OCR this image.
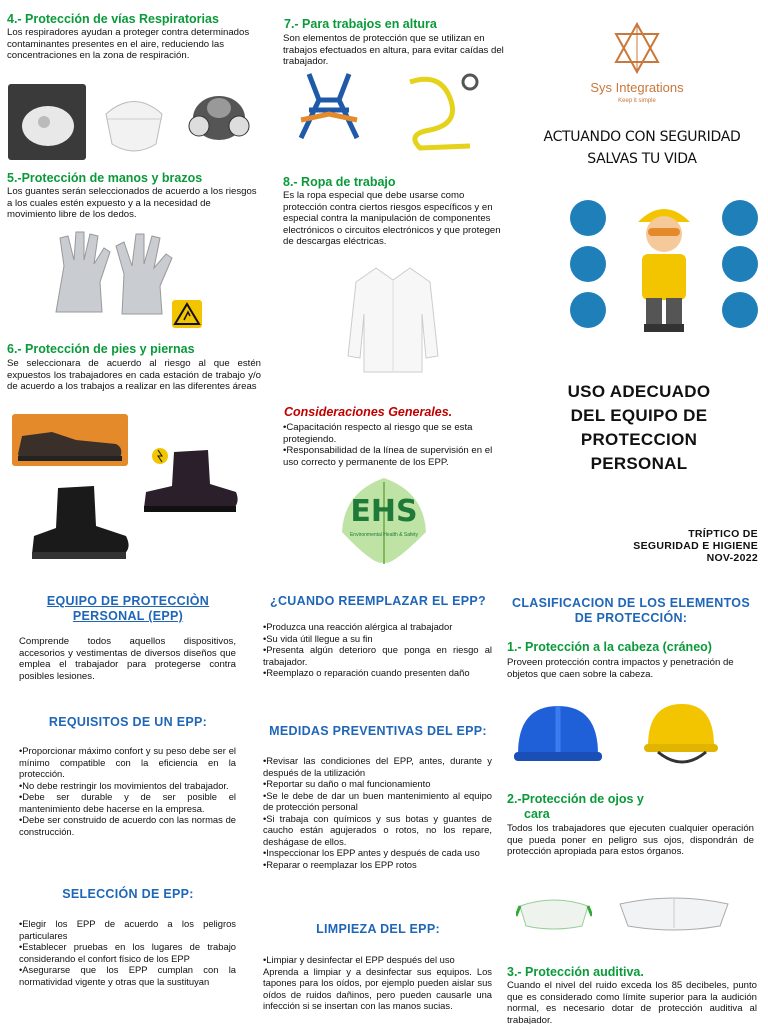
4.- Protección de vías Respiratorias
Los respiradores ayudan a proteger contra determinados contaminantes presentes en el aire, reduciendo las concentraciones en la zona de respiración.
5.-Protección de manos y brazos
Los guantes serán seleccionados de acuerdo a los riesgos a los cuales estén expuesto y a la necesidad de movimiento libre de los dedos.
6.- Protección de pies y piernas
Se seleccionara de acuerdo al riesgo al que estén expuestos los trabajadores en cada estación de trabajo y/o de acuerdo a los trabajos a realizar en las diferentes áreas
7.- Para trabajos en altura
Son elementos de protección que se utilizan en trabajos efectuados en altura, para evitar caídas del trabajador.
8.- Ropa de trabajo
Es la ropa especial que debe usarse como protección contra ciertos riesgos específicos y en especial contra la manipulación de componentes electrónicos o circuitos electrónicos y que protegen de descargas eléctricas.
Consideraciones Generales.
•Capacitación respecto al riesgo que se esta protegiendo.
•Responsabilidad de la línea de supervisión en el uso correcto y permanente de los EPP.
EHS
Environmental Health & Safety
Sys Integrations
Keep it simple
ACTUANDO CON SEGURIDAD
SALVAS TU VIDA
USO ADECUADO
DEL EQUIPO DE
PROTECCION
PERSONAL
TRÍPTICO DE
SEGURIDAD E HIGIENE
NOV-2022
EQUIPO DE PROTECCIÒN
PERSONAL (EPP)
Comprende todos aquellos dispositivos, accesorios y vestimentas de diversos diseños que emplea el trabajador para protegerse contra posibles lesiones.
REQUISITOS DE UN EPP:
•Proporcionar máximo confort y su peso debe ser el mínimo compatible con la eficiencia en la protección.
•No debe restringir los movimientos del trabajador.
•Debe ser durable y de ser posible el mantenimiento debe hacerse en la empresa.
•Debe ser construido de acuerdo con las normas de construcción.
SELECCIÓN DE EPP:
•Elegir los EPP de acuerdo a los peligros particulares
•Establecer pruebas en los lugares de trabajo considerando el confort físico de los EPP
•Asegurarse que los EPP cumplan con la normatividad vigente y otras que la sustituyan
¿CUANDO REEMPLAZAR EL EPP?
•Produzca una reacción alérgica al trabajador
•Su vida útil llegue a su fin
•Presenta algún deterioro que ponga en riesgo al trabajador.
•Reemplazo o reparación cuando presenten daño
MEDIDAS PREVENTIVAS DEL EPP:
•Revisar las condiciones del EPP, antes, durante y después de la utilización
•Reportar su daño o mal funcionamiento
•Se le debe de dar un buen mantenimiento al equipo de protección personal
•Si trabaja con químicos y sus botas y guantes de caucho están agujerados o rotos, no los repare, deshágase de ellos.
•Inspeccionar los EPP antes y después de cada uso
•Reparar o reemplazar los EPP rotos
LIMPIEZA DEL EPP:
•Limpiar y desinfectar el EPP después del uso
Aprenda a limpiar y a desinfectar sus equipos. Los tapones para los oídos, por ejemplo pueden aislar sus oídos de ruidos dañinos, pero pueden causarle una infección si se insertan con las manos sucias.
CLASIFICACION DE LOS ELEMENTOS
DE PROTECCIÓN:
1.- Protección a la cabeza (cráneo)
Proveen protección contra impactos y penetración de objetos que caen sobre la cabeza.
2.-Protección de ojos y
cara
Todos los trabajadores que ejecuten cualquier operación que pueda poner en peligro sus ojos, dispondrán de protección apropiada para estos órganos.
3.- Protección auditiva.
Cuando el nivel del ruido exceda los 85 decibeles, punto que es considerado como límite superior para la audición normal, es necesario dotar de protección auditiva al trabajador.
